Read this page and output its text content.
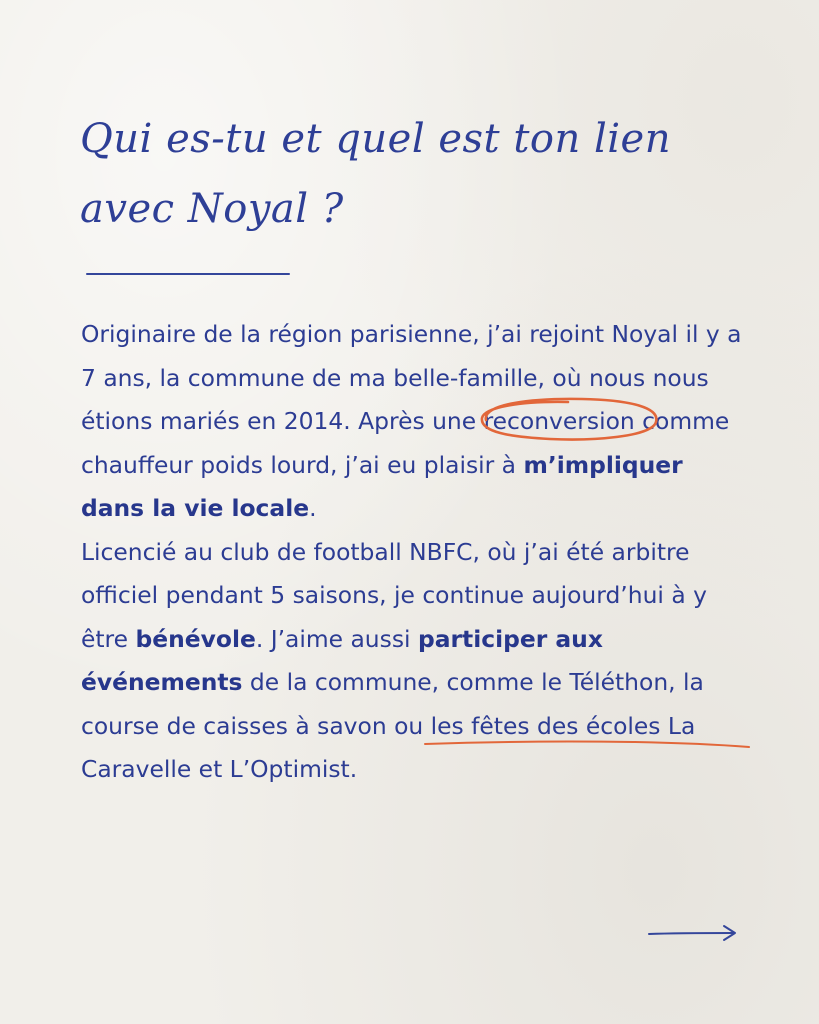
Qui es-tu et quel est ton lien
avec Noyal ?

Originaire de la région parisienne, j’ai rejoint Noyal il y a 7 ans, la commune de ma belle-famille, où nous nous étions mariés en 2014. Après une
reconversion comme chauffeur poids lourd, j’ai eu plaisir à m’impliquer dans la vie locale.
Licencié au club de football NBFC, où j’ai été arbitre officiel pendant 5 saisons, je continue aujourd’hui à y être bénévole. J’aime aussi participer aux événements de la commune, comme le Téléthon, la course de caisses à savon ou les fêtes des écoles
La Caravelle et L’Optimist.
